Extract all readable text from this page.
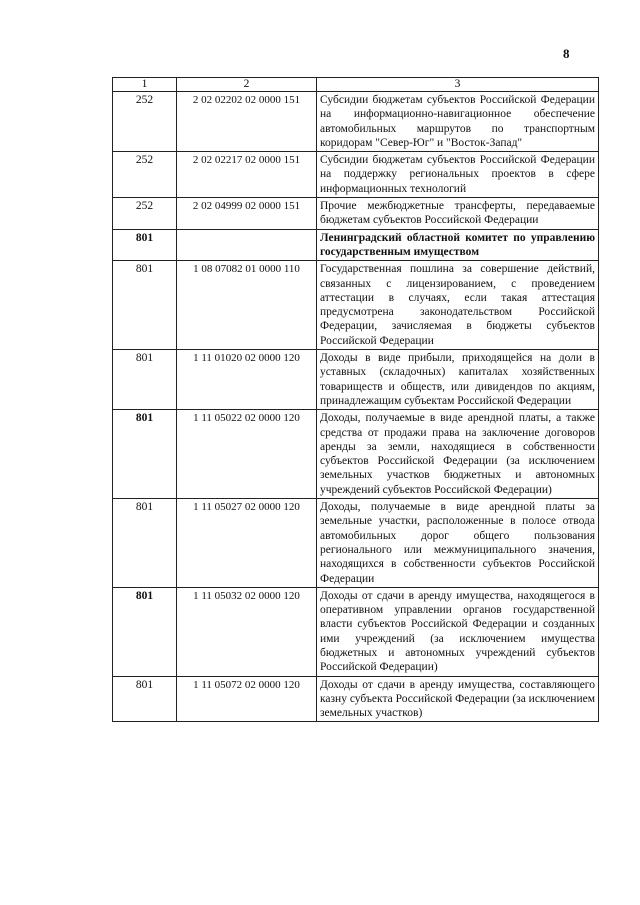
8
1	2	3
252	2 02 02202 02 0000 151	Субсидии бюджетам субъектов Российской Федерации на информационно-навигационное обеспечение автомобильных маршрутов по транспортным коридорам "Север-Юг" и "Восток-Запад"
252	2 02 02217 02 0000 151	Субсидии бюджетам субъектов Российской Федерации на поддержку региональных проектов в сфере информационных технологий
252	2 02 04999 02 0000 151	Прочие межбюджетные трансферты, передаваемые бюджетам субъектов Российской Федерации
801		Ленинградский областной комитет по управлению государственным имуществом
801	1 08 07082 01 0000 110	Государственная пошлина за совершение действий, связанных с лицензированием, с проведением аттестации в случаях, если такая аттестация предусмотрена законодательством Российской Федерации, зачисляемая в бюджеты субъектов Российской Федерации
801	1 11 01020 02 0000 120	Доходы в виде прибыли, приходящейся на доли в уставных (складочных) капиталах хозяйственных товариществ и обществ, или дивидендов по акциям, принадлежащим субъектам Российской Федерации
801	1 11 05022 02 0000 120	Доходы, получаемые в виде арендной платы, а также средства от продажи права на заключение договоров аренды за земли, находящиеся в собственности субъектов Российской Федерации (за исключением земельных участков бюджетных и автономных учреждений субъектов Российской Федерации)
801	1 11 05027 02 0000 120	Доходы, получаемые в виде арендной платы за земельные участки, расположенные в полосе отвода автомобильных дорог общего пользования регионального или межмуниципального значения, находящихся в собственности субъектов Российской Федерации
801	1 11 05032 02 0000 120	Доходы от сдачи в аренду имущества, находящегося в оперативном управлении органов государственной власти субъектов Российской Федерации и созданных ими учреждений (за исключением имущества бюджетных и автономных учреждений субъектов Российской Федерации)
801	1 11 05072 02 0000 120	Доходы от сдачи в аренду имущества, составляющего казну субъекта Российской Федерации (за исключением земельных участков)
